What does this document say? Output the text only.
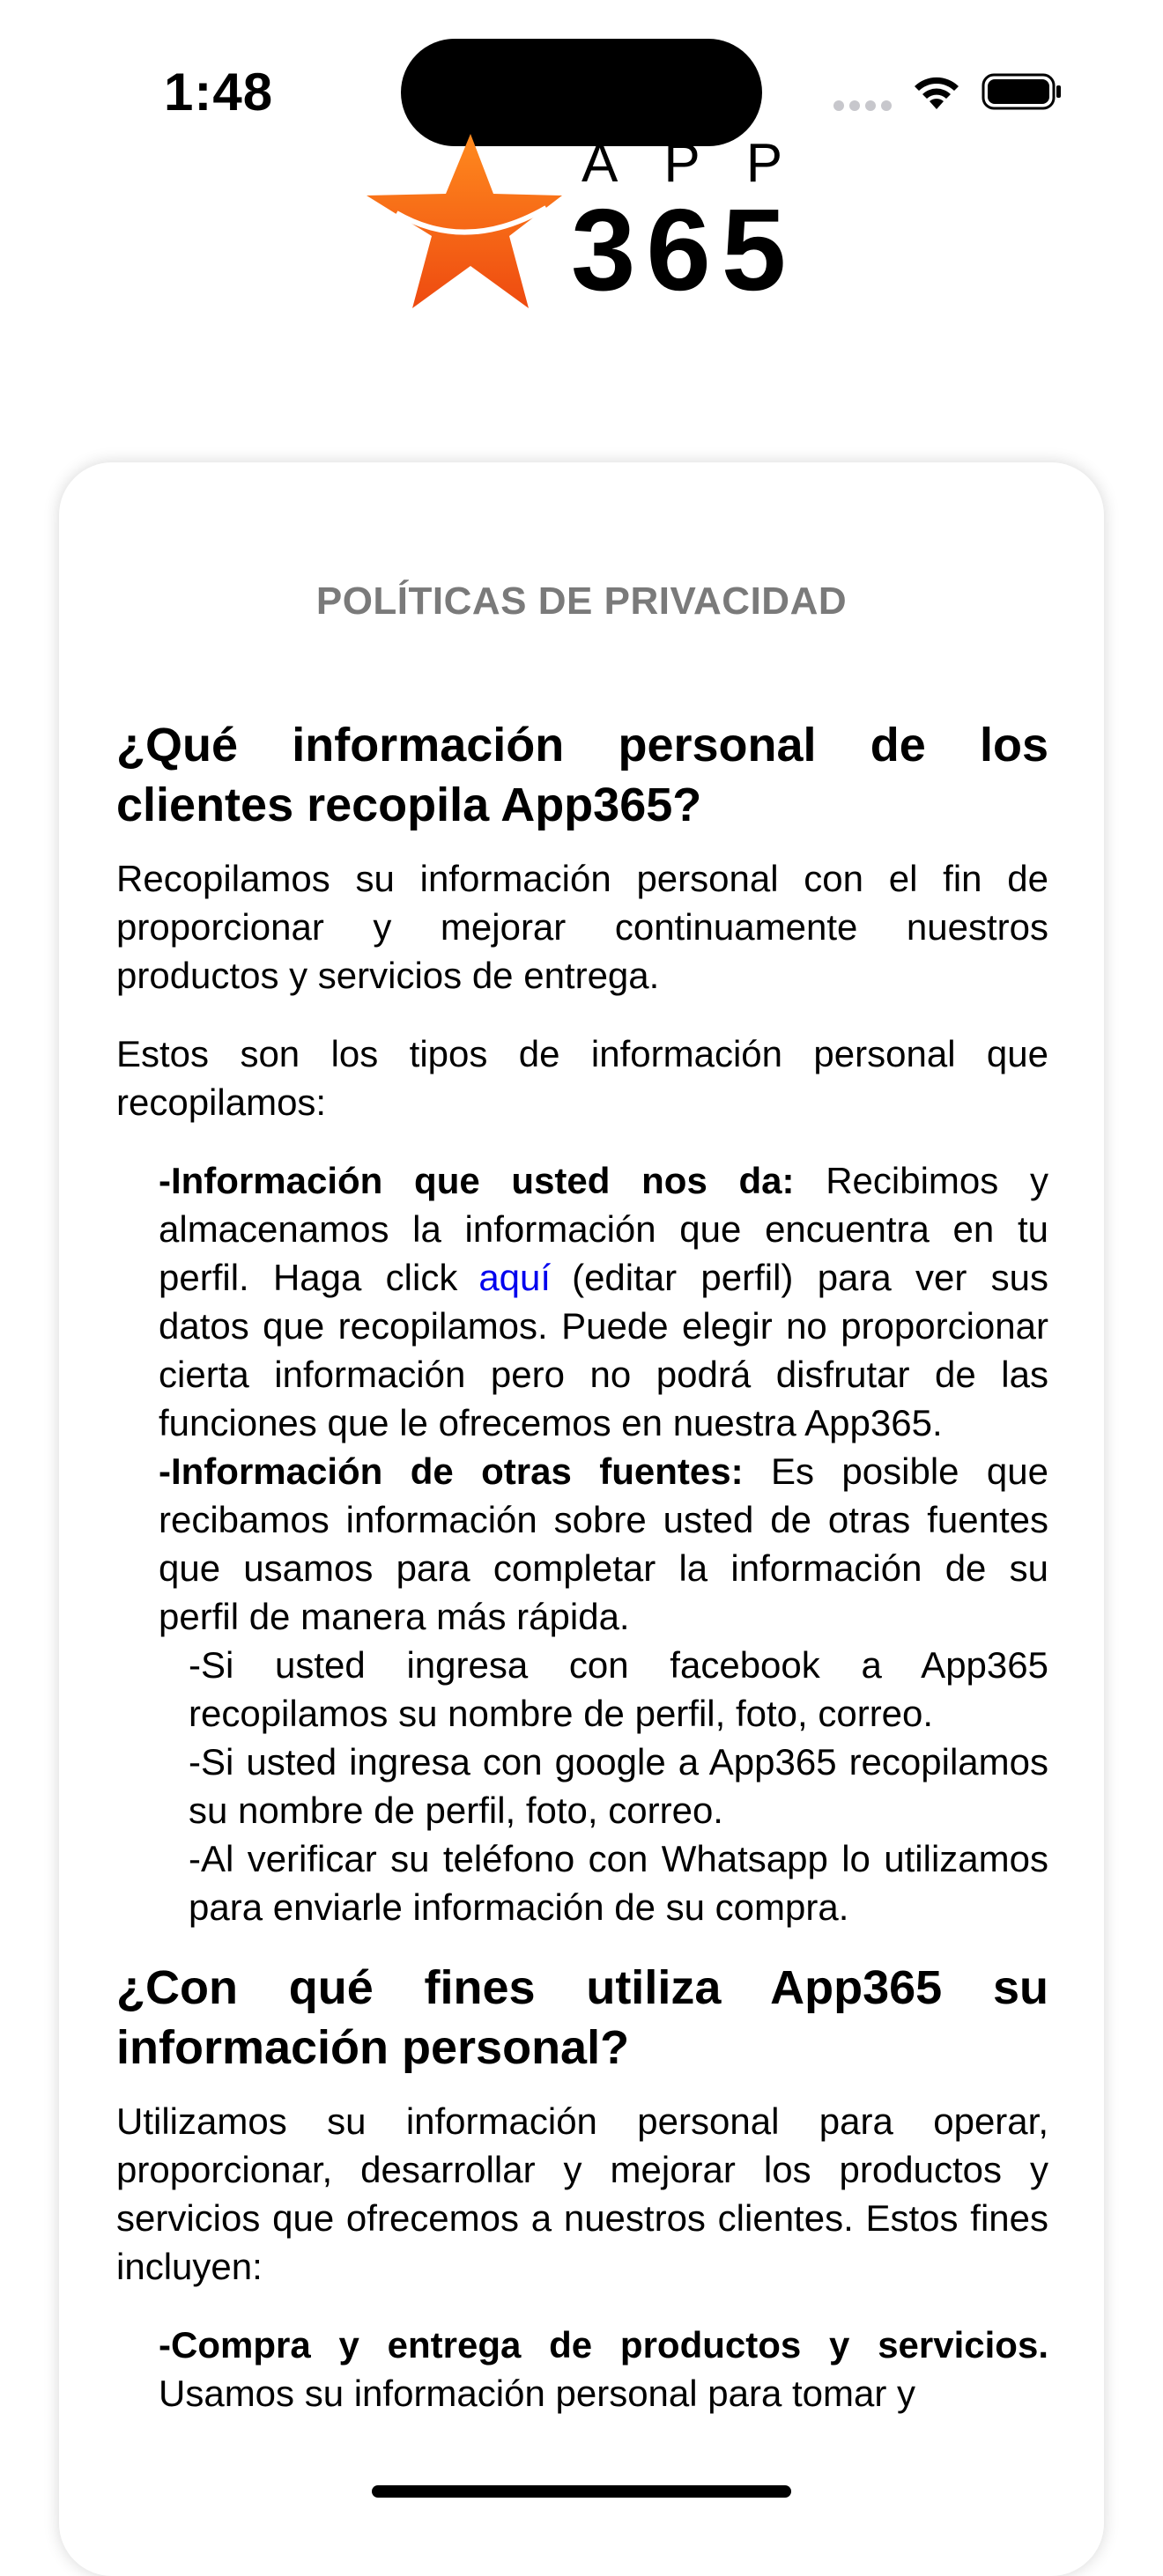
1:48
APP
365
POLÍTICAS DE PRIVACIDAD
¿Qué información personal de los clientes recopila App365?

Recopilamos su información personal con el fin de proporcionar y mejorar continuamente nuestros productos y servicios de entrega.

Estos son los tipos de información personal que recopilamos:

-Información que usted nos da: Recibimos y almacenamos la información que encuentra en tu perfil. Haga click aquí (editar perfil) para ver sus datos que recopilamos. Puede elegir no proporcionar cierta información pero no podrá disfrutar de las funciones que le ofrecemos en nuestra App365.

-Información de otras fuentes: Es posible que recibamos información sobre usted de otras fuentes que usamos para completar la información de su perfil de manera más rápida.

-Si usted ingresa con facebook a App365 recopilamos su nombre de perfil, foto, correo.

-Si usted ingresa con google a App365 recopilamos su nombre de perfil, foto, correo.

-Al verificar su teléfono con Whatsapp lo utilizamos para enviarle información de su compra.

¿Con qué fines utiliza App365 su información personal?

Utilizamos su información personal para operar, proporcionar, desarrollar y mejorar los productos y servicios que ofrecemos a nuestros clientes. Estos fines incluyen:

-Compra y entrega de productos y servicios. Usamos su información personal para tomar y
